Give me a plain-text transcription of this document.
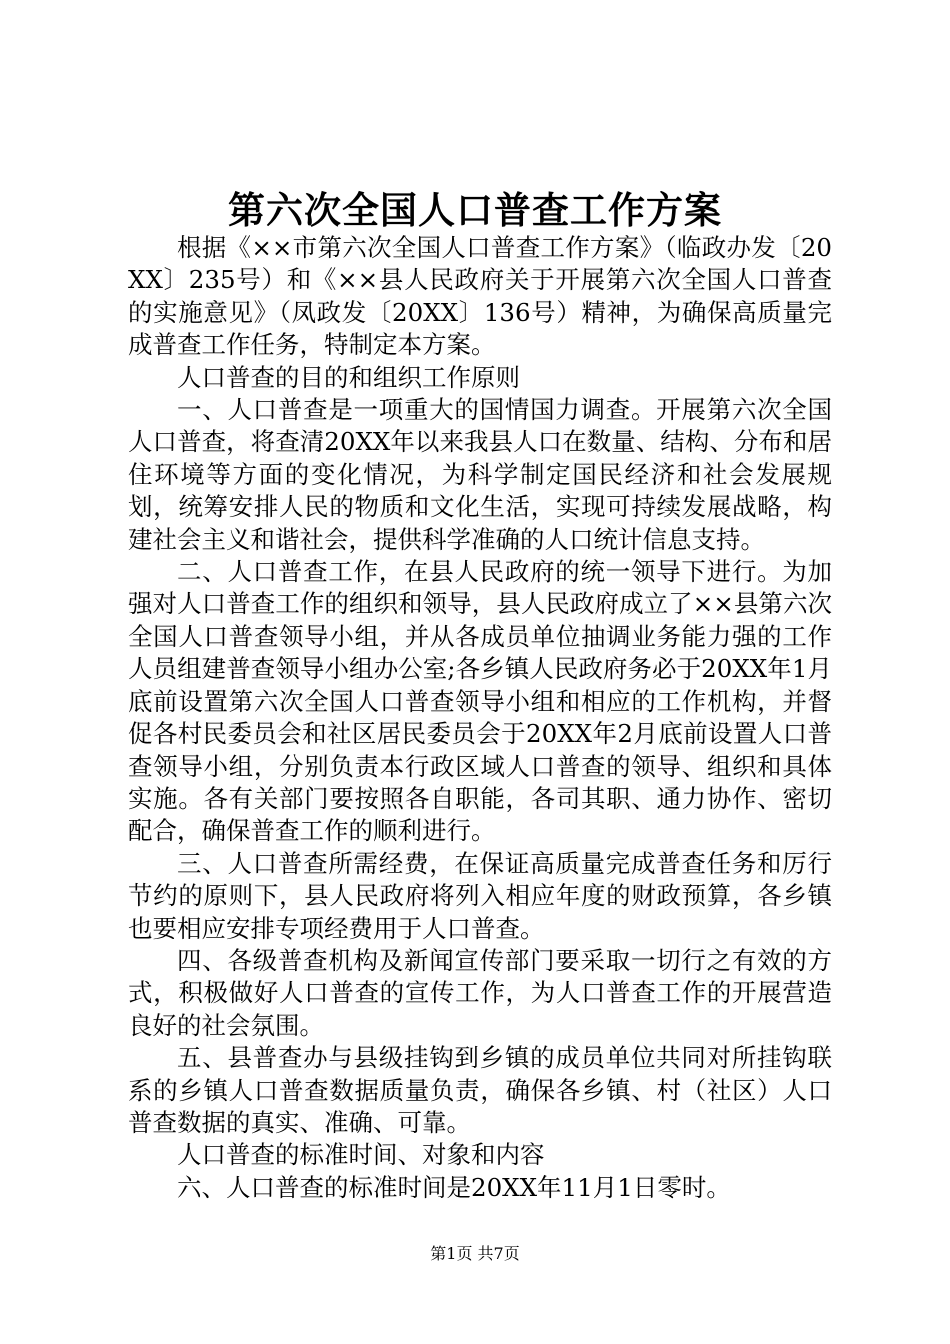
第六次全国人口普查工作方案

根据《××市第六次全国人口普查工作方案》（临政办发〔20XX〕235号）和《××县人民政府关于开展第六次全国人口普查的实施意见》（凤政发〔20XX〕136号）精神，为确保高质量完成普查工作任务，特制定本方案。

人口普查的目的和组织工作原则

一、人口普查是一项重大的国情国力调查。开展第六次全国人口普查，将查清20XX年以来我县人口在数量、结构、分布和居住环境等方面的变化情况，为科学制定国民经济和社会发展规划，统筹安排人民的物质和文化生活，实现可持续发展战略，构建社会主义和谐社会，提供科学准确的人口统计信息支持。

二、人口普查工作，在县人民政府的统一领导下进行。为加强对人口普查工作的组织和领导，县人民政府成立了××县第六次全国人口普查领导小组，并从各成员单位抽调业务能力强的工作人员组建普查领导小组办公室;各乡镇人民政府务必于20XX年1月底前设置第六次全国人口普查领导小组和相应的工作机构，并督促各村民委员会和社区居民委员会于20XX年2月底前设置人口普查领导小组，分别负责本行政区域人口普查的领导、组织和具体实施。各有关部门要按照各自职能，各司其职、通力协作、密切配合，确保普查工作的顺利进行。

三、人口普查所需经费，在保证高质量完成普查任务和厉行节约的原则下，县人民政府将列入相应年度的财政预算，各乡镇也要相应安排专项经费用于人口普查。

四、各级普查机构及新闻宣传部门要采取一切行之有效的方式，积极做好人口普查的宣传工作，为人口普查工作的开展营造良好的社会氛围。

五、县普查办与县级挂钩到乡镇的成员单位共同对所挂钩联系的乡镇人口普查数据质量负责，确保各乡镇、村（社区）人口普查数据的真实、准确、可靠。

人口普查的标准时间、对象和内容

六、人口普查的标准时间是20XX年11月1日零时。

第1页 共7页
